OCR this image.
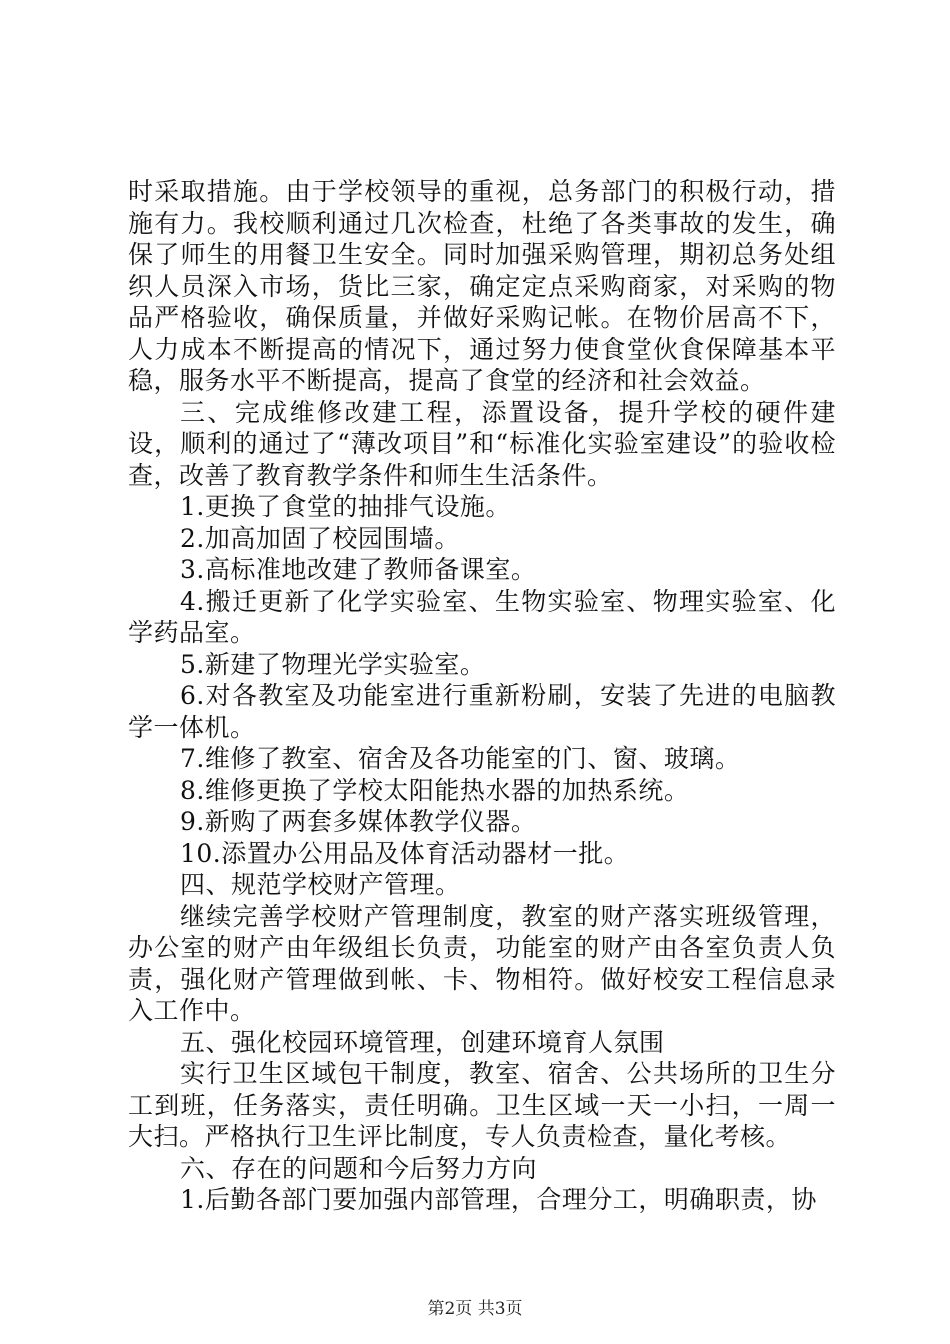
时采取措施。由于学校领导的重视，总务部门的积极行动，措施有力。我校顺利通过几次检查，杜绝了各类事故的发生，确保了师生的用餐卫生安全。同时加强采购管理，期初总务处组织人员深入市场，货比三家，确定定点采购商家，对采购的物品严格验收，确保质量，并做好采购记帐。在物价居高不下，人力成本不断提高的情况下，通过努力使食堂伙食保障基本平稳，服务水平不断提高，提高了食堂的经济和社会效益。

三、完成维修改建工程，添置设备，提升学校的硬件建设，顺利的通过了“薄改项目”和“标准化实验室建设”的验收检查，改善了教育教学条件和师生生活条件。

1.更换了食堂的抽排气设施。

2.加高加固了校园围墙。

3.高标准地改建了教师备课室。

4.搬迁更新了化学实验室、生物实验室、物理实验室、化学药品室。

5.新建了物理光学实验室。

6.对各教室及功能室进行重新粉刷，安装了先进的电脑教学一体机。

7.维修了教室、宿舍及各功能室的门、窗、玻璃。

8.维修更换了学校太阳能热水器的加热系统。

9.新购了两套多媒体教学仪器。

10.添置办公用品及体育活动器材一批。

四、规范学校财产管理。

继续完善学校财产管理制度，教室的财产落实班级管理，办公室的财产由年级组长负责，功能室的财产由各室负责人负责，强化财产管理做到帐、卡、物相符。做好校安工程信息录入工作中。

五、强化校园环境管理，创建环境育人氛围

实行卫生区域包干制度，教室、宿舍、公共场所的卫生分工到班，任务落实，责任明确。卫生区域一天一小扫，一周一大扫。严格执行卫生评比制度，专人负责检查，量化考核。

六、存在的问题和今后努力方向

1.后勤各部门要加强内部管理，合理分工，明确职责，协

第2页 共3页
